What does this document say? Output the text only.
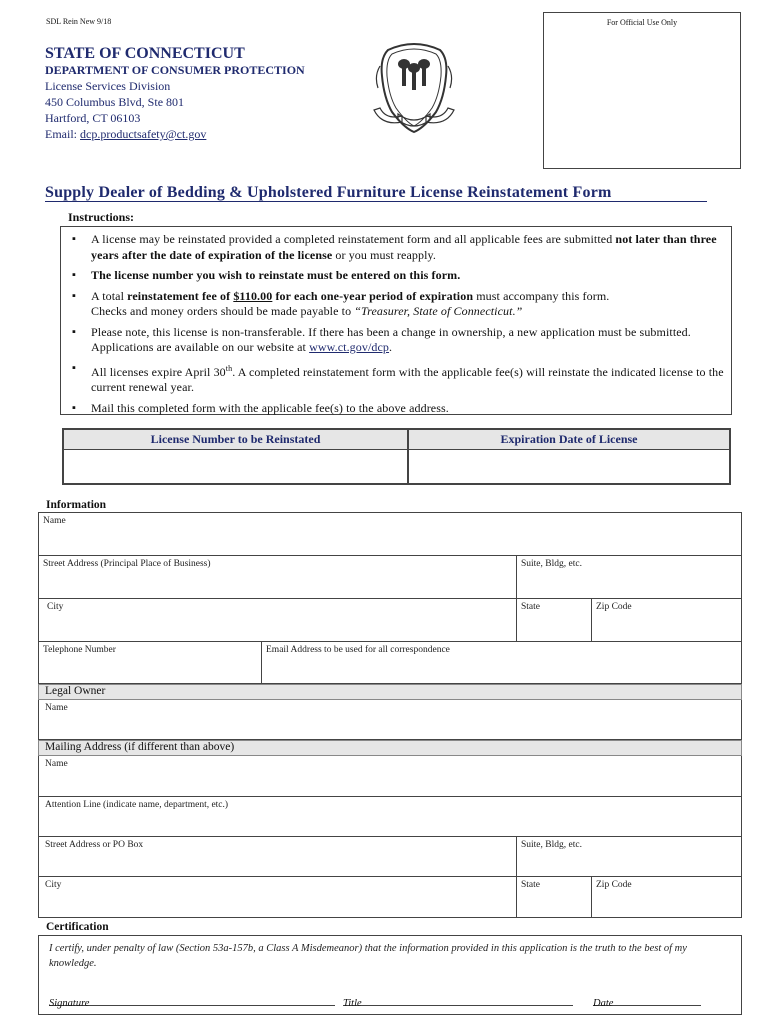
SDL Rein New 9/18	For Official Use Only
STATE OF CONNECTICUT
DEPARTMENT OF CONSUMER PROTECTION
License Services Division
450 Columbus Blvd, Ste 801
Hartford, CT 06103
Email: dcp.productsafety@ct.gov
Supply Dealer of Bedding & Upholstered Furniture License Reinstatement Form
Instructions:
▪ A license may be reinstated provided a completed reinstatement form and all applicable fees are submitted not later than three years after the date of expiration of the license or you must reapply.
▪ The license number you wish to reinstate must be entered on this form.
▪ A total reinstatement fee of $110.00 for each one-year period of expiration must accompany this form.
Checks and money orders should be made payable to “Treasurer, State of Connecticut.”
▪ Please note, this license is non-transferable. If there has been a change in ownership, a new application must be submitted. Applications are available on our website at www.ct.gov/dcp.
▪ All licenses expire April 30th. A completed reinstatement form with the applicable fee(s) will reinstate the indicated license to the current renewal year.
▪ Mail this completed form with the applicable fee(s) to the above address.
License Number to be Reinstated	Expiration Date of License
Information
Name
Street Address (Principal Place of Business)	Suite, Bldg, etc.
City	State	Zip Code
Telephone Number	Email Address to be used for all correspondence
Legal Owner
Name
Mailing Address (if different than above)
Name
Attention Line (indicate name, department, etc.)
Street Address or PO Box	Suite, Bldg, etc.
City	State	Zip Code
Certification
I certify, under penalty of law (Section 53a-157b, a Class A Misdemeanor) that the information provided in this application is the truth to the best of my knowledge.
Signature	Title	Date
